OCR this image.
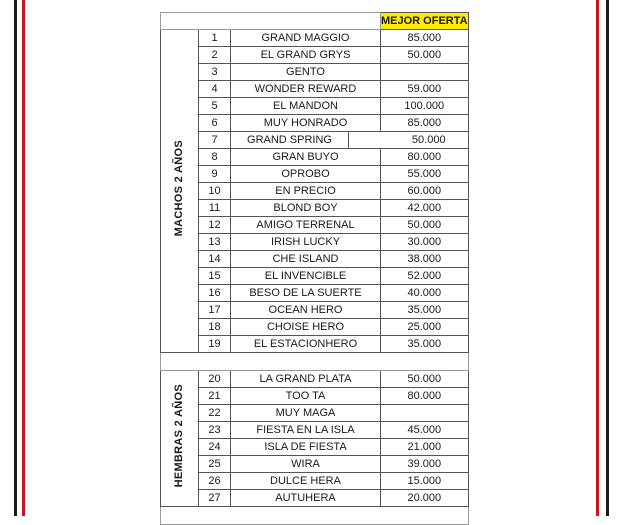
				MEJOR OFERTA
MACHOS 2 AÑOS	1	GRAND MAGGIO		85.000
	2	EL GRAND GRYS		50.000
	3	GENTO		
	4	WONDER REWARD		59.000
	5	EL MANDON		100.000
	6	MUY HONRADO		85.000
	7	GRAND SPRING	50.000	
	8	GRAN BUYO		80.000
	9	OPROBO		55.000
	10	EN PRECIO		60.000
	11	BLOND BOY		42.000
	12	AMIGO TERRENAL		50.000
	13	IRISH LUCKY		30.000
	14	CHE ISLAND		38.000
	15	EL INVENCIBLE		52.000
	16	BESO DE LA SUERTE		40.000
	17	OCEAN HERO		35.000
	18	CHOISE HERO		25.000
	19	EL ESTACIONHERO		35.000

HEMBRAS 2 AÑOS	20	LA GRAND PLATA		50.000
	21	TOO TA		80.000
	22	MUY MAGA		
	23	FIESTA EN LA ISLA		45.000
	24	ISLA DE FIESTA		21.000
	25	WIRA		39.000
	26	DULCE HERA		15.000
	27	AUTUHERA		20.000
